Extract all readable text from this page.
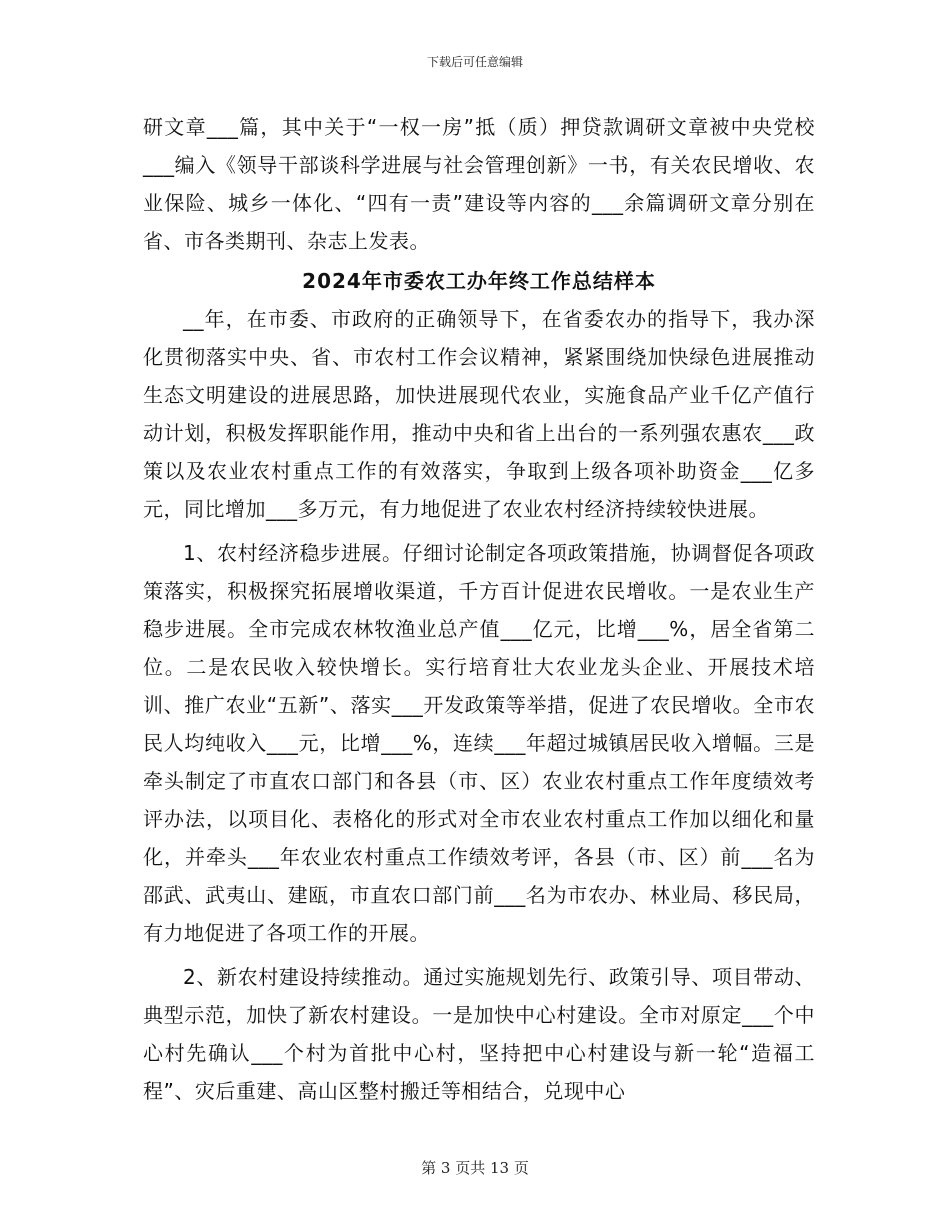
下载后可任意编辑

研文章___篇，其中关于“一权一房”抵（质）押贷款调研文章被中央党校___编入《领导干部谈科学进展与社会管理创新》一书，有关农民增收、农业保险、城乡一体化、“四有一责”建设等内容的___余篇调研文章分别在省、市各类期刊、杂志上发表。

2024年市委农工办年终工作总结样本

__年，在市委、市政府的正确领导下，在省委农办的指导下，我办深化贯彻落实中央、省、市农村工作会议精神，紧紧围绕加快绿色进展推动生态文明建设的进展思路，加快进展现代农业，实施食品产业千亿产值行动计划，积极发挥职能作用，推动中央和省上出台的一系列强农惠农___政策以及农业农村重点工作的有效落实，争取到上级各项补助资金___亿多元，同比增加___多万元，有力地促进了农业农村经济持续较快进展。

1、农村经济稳步进展。仔细讨论制定各项政策措施，协调督促各项政策落实，积极探究拓展增收渠道，千方百计促进农民增收。一是农业生产稳步进展。全市完成农林牧渔业总产值___亿元，比增___%，居全省第二位。二是农民收入较快增长。实行培育壮大农业龙头企业、开展技术培训、推广农业“五新”、落实___开发政策等举措，促进了农民增收。全市农民人均纯收入___元，比增___%，连续___年超过城镇居民收入增幅。三是牵头制定了市直农口部门和各县（市、区）农业农村重点工作年度绩效考评办法，以项目化、表格化的形式对全市农业农村重点工作加以细化和量化，并牵头___年农业农村重点工作绩效考评，各县（市、区）前___名为邵武、武夷山、建瓯，市直农口部门前___名为市农办、林业局、移民局，有力地促进了各项工作的开展。

2、新农村建设持续推动。通过实施规划先行、政策引导、项目带动、典型示范，加快了新农村建设。一是加快中心村建设。全市对原定___个中心村先确认___个村为首批中心村，坚持把中心村建设与新一轮“造福工程”、灾后重建、高山区整村搬迁等相结合，兑现中心

第 3 页共 13 页
